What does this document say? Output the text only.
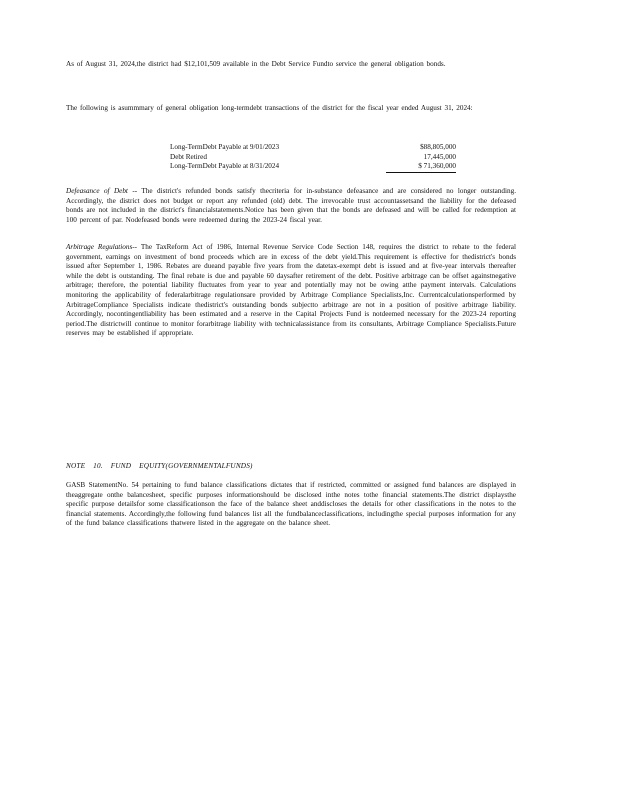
As of August 31, 2024,the district had $12,101,509 available in the Debt Service Fundto service the general obligation bonds.

The following is asummmary of general obligation long-termdebt transactions of the district for the fiscal year ended August 31, 2024:

Long-TermDebt Payable at 9/01/2023	$88,805,000
Debt Retired	17,445,000
Long-TermDebt Payable at 8/31/2024	$ 71,360,000

Defeasance of Debt -- The district's refunded bonds satisfy thecriteria for in-substance defeasance and are considered no longer outstanding. Accordingly, the district does not budget or report any refunded (old) debt. The irrevocable trust accountassetsand the liability for the defeased bonds are not included in the district's financialstatements.Notice has been given that the bonds are defeased and will be called for redemption at 100 percent of par. Nodefeased bonds were redeemed during the 2023-24 fiscal year.

Arbitrage Regulations-- The TaxReform Act of 1986, Internal Revenue Service Code Section 148, requires the district to rebate to the federal government, earnings on investment of bond proceeds which are in excess of the debt yield.This requirement is effective for thedistrict's bonds issued after September 1, 1986. Rebates are dueand payable five years from the datetax-exempt debt is issued and at five-year intervals thereafter while the debt is outstanding. The final rebate is due and payable 60 daysafter retirement of the debt. Positive arbitrage can be offset againstnegative arbitrage; therefore, the potential liability fluctuates from year to year and potentially may not be owing atthe payment intervals. Calculations monitoring the applicability of federalarbitrage regulationsare provided by Arbitrage Compliance Specialists,Inc. Currentcalculationsperformed by ArbitrageCompliance Specialists indicate thedistrict's outstanding bonds subjectto arbitrage are not in a position of positive arbitrage liability. Accordingly, nocontingentliability has been estimated and a reserve in the Capital Projects Fund is notdeemed necessary for the 2023-24 reporting period.The districtwill continue to monitor forarbitrage liability with technicalassistance from its consultants, Arbitrage Compliance Specialists.Future reserves may be established if appropriate.

NOTE 10. FUND EQUITY(GOVERNMENTALFUNDS)

GASB StatementNo. 54 pertaining to fund balance classifications dictates that if restricted, committed or assigned fund balances are displayed in theaggregate onthe balancesheet, specific purposes informationshould be disclosed inthe notes tothe financial statements.The district displaysthe specific purpose detailsfor some classificationson the face of the balance sheet anddiscloses the details for other classifications in the notes to the financial statements. Accordingly,the following fund balances list all the fundbalanceclassifications, includingthe special purposes information for any of the fund balance classifications thatwere listed in the aggregate on the balance sheet.
